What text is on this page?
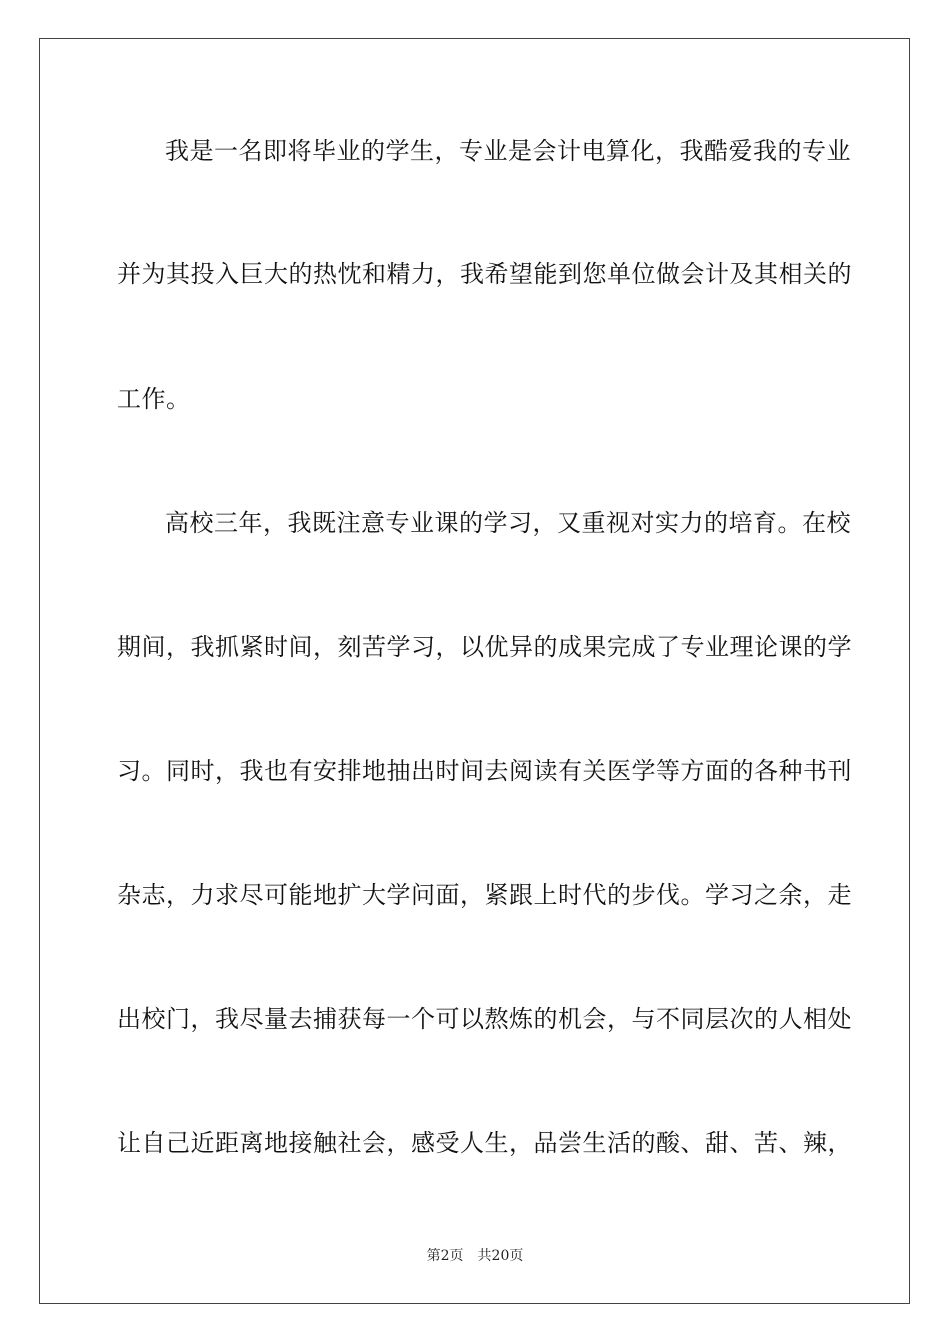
我是一名即将毕业的学生，专业是会计电算化，我酷爱我的专业
并为其投入巨大的热忱和精力，我希望能到您单位做会计及其相关的
工作。
高校三年，我既注意专业课的学习，又重视对实力的培育。在校
期间，我抓紧时间，刻苦学习，以优异的成果完成了专业理论课的学
习。同时，我也有安排地抽出时间去阅读有关医学等方面的各种书刊
杂志，力求尽可能地扩大学问面，紧跟上时代的步伐。学习之余，走
出校门，我尽量去捕获每一个可以熬炼的机会，与不同层次的人相处
让自己近距离地接触社会，感受人生，品尝生活的酸、甜、苦、辣，
第2页 共20页
